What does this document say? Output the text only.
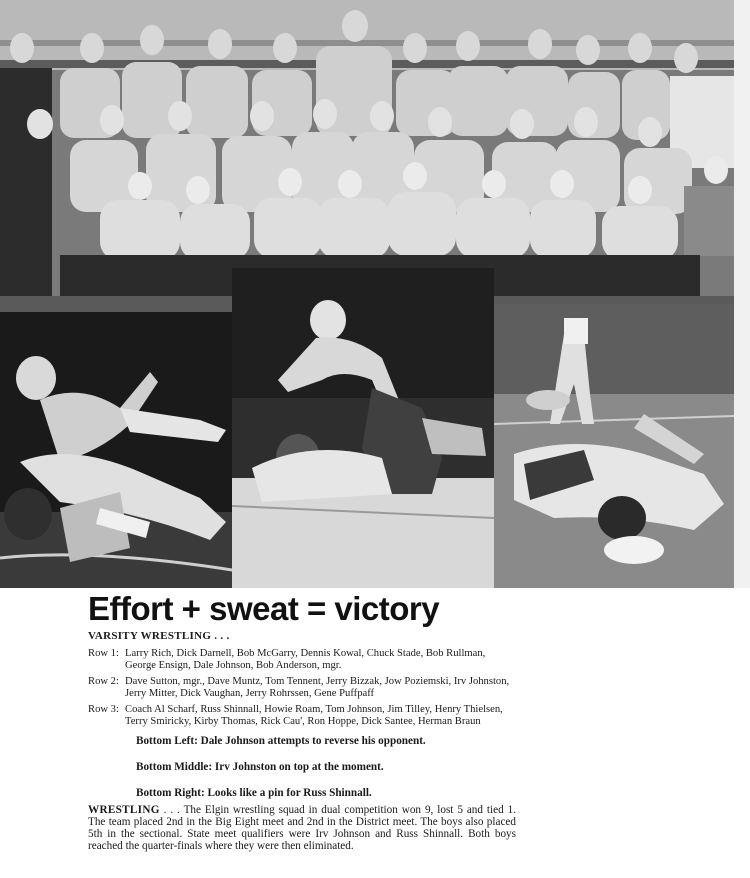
Effort + sweat = victory
VARSITY WRESTLING . . .
Row 1: Larry Rich, Dick Darnell, Bob McGarry, Dennis Kowal, Chuck Stade, Bob Rullman, George Ensign, Dale Johnson, Bob Anderson, mgr.
Row 2: Dave Sutton, mgr., Dave Muntz, Tom Tennent, Jerry Bizzak, Jow Poziemski, Irv Johnston, Jerry Mitter, Dick Vaughan, Jerry Rohrssen, Gene Puffpaff
Row 3: Coach Al Scharf, Russ Shinnall, Howie Roam, Tom Johnson, Jim Tilley, Henry Thielsen, Terry Smiricky, Kirby Thomas, Rick Cau', Ron Hoppe, Dick Santee, Herman Braun
Bottom Left: Dale Johnson attempts to reverse his opponent.
Bottom Middle: Irv Johnston on top at the moment.
Bottom Right: Looks like a pin for Russ Shinnall.
WRESTLING . . . The Elgin wrestling squad in dual competition won 9, lost 5 and tied 1. The team placed 2nd in the Big Eight meet and 2nd in the District meet. The boys also placed 5th in the sectional. State meet qualifiers were Irv Johnson and Russ Shinnall. Both boys reached the quarter-finals where they were then eliminated.
